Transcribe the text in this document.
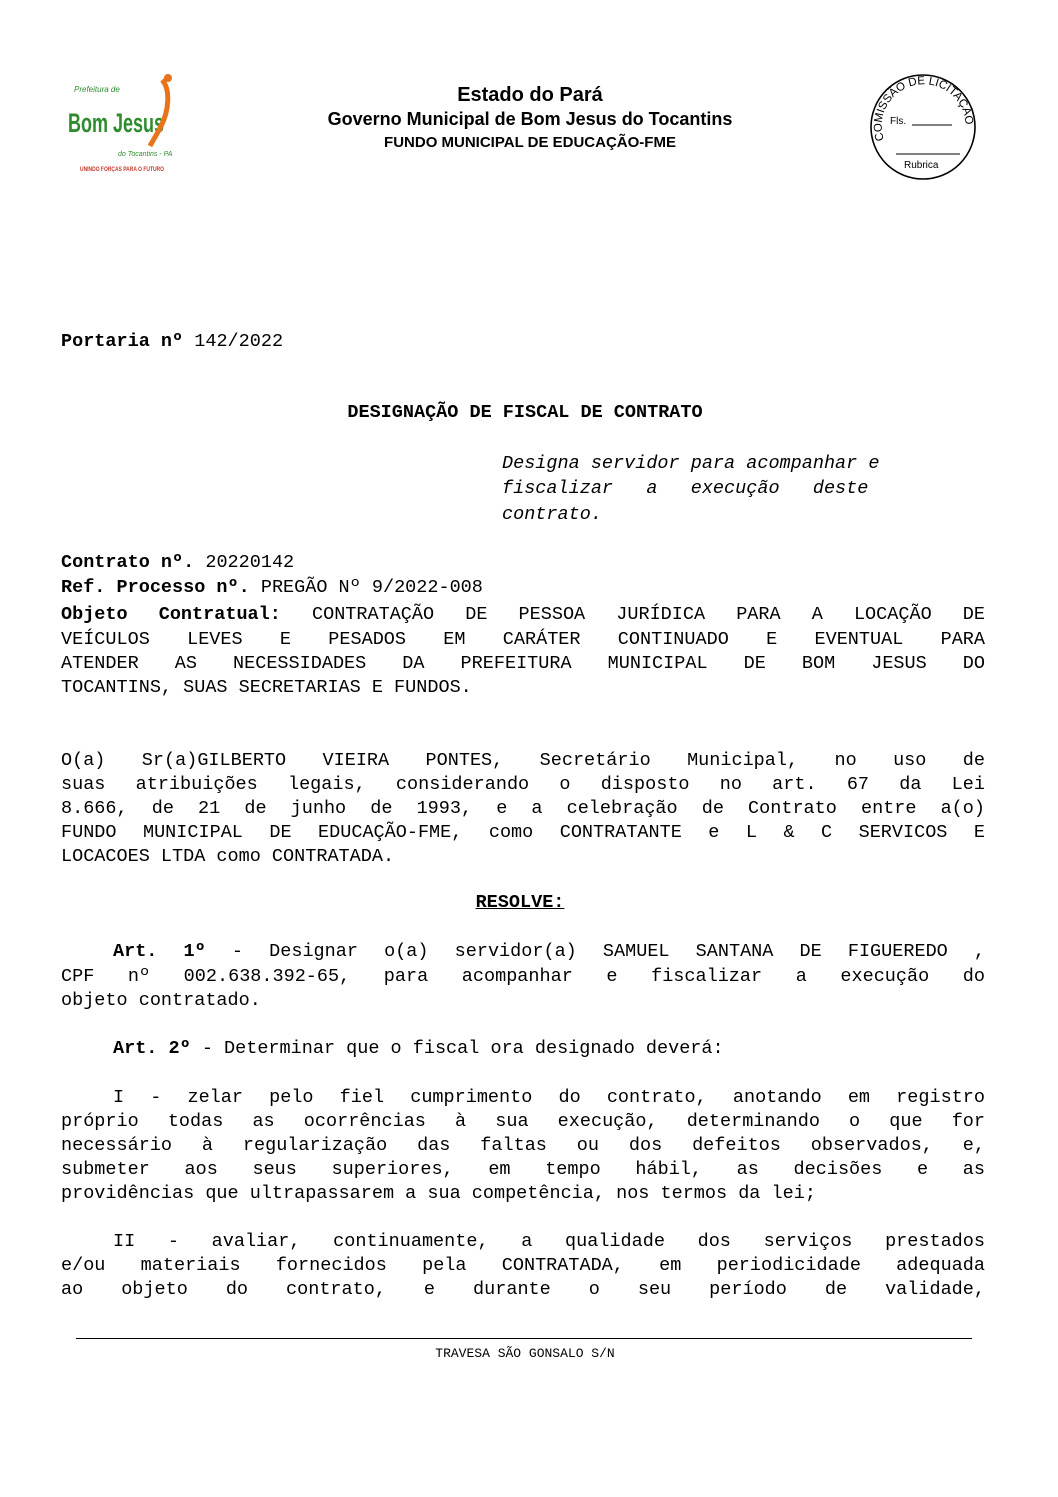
Prefeitura de
Bom Jesus
do Tocantins - PA
UNINDO FORÇAS PARA O FUTURO
Estado do Pará
Governo Municipal de Bom Jesus do Tocantins
FUNDO MUNICIPAL DE EDUCAÇÃO-FME	COMISSÃO DE LICITAÇÃO
Fls.
Rubrica
Portaria nº 142/2022
DESIGNAÇÃO DE FISCAL DE CONTRATO
Designa servidor para acompanhar e
fiscalizar   a   execução   deste
contrato.
Contrato nº. 20220142
Ref. Processo nº. PREGÃO Nº 9/2022-008
Objeto Contratual: CONTRATAÇÃO DE PESSOA JURÍDICA PARA A LOCAÇÃO DE
VEÍCULOS LEVES E PESADOS EM CARÁTER CONTINUADO E EVENTUAL PARA
ATENDER AS NECESSIDADES DA PREFEITURA MUNICIPAL DE BOM JESUS DO
TOCANTINS, SUAS SECRETARIAS E FUNDOS.
O(a) Sr(a)GILBERTO VIEIRA PONTES, Secretário Municipal, no uso de
suas atribuições legais, considerando o disposto no art. 67 da Lei
8.666, de 21 de junho de 1993, e a celebração de Contrato entre a(o)
FUNDO MUNICIPAL DE EDUCAÇÃO-FME, como CONTRATANTE e L & C SERVICOS E
LOCACOES LTDA como CONTRATADA.
RESOLVE:
Art. 1º - Designar o(a) servidor(a) SAMUEL SANTANA DE FIGUEREDO ,
CPF nº 002.638.392-65, para acompanhar e fiscalizar a execução do
objeto contratado.
Art. 2º - Determinar que o fiscal ora designado deverá:
I - zelar pelo fiel cumprimento do contrato, anotando em registro
próprio todas as ocorrências à sua execução, determinando o que for
necessário à regularização das faltas ou dos defeitos observados, e,
submeter aos seus superiores, em tempo hábil, as decisões e as
providências que ultrapassarem a sua competência, nos termos da lei;
II - avaliar, continuamente, a qualidade dos serviços prestados
e/ou materiais fornecidos pela CONTRATADA, em periodicidade adequada
ao objeto do contrato, e durante o seu período de validade,
TRAVESA SÃO GONSALO S/N
